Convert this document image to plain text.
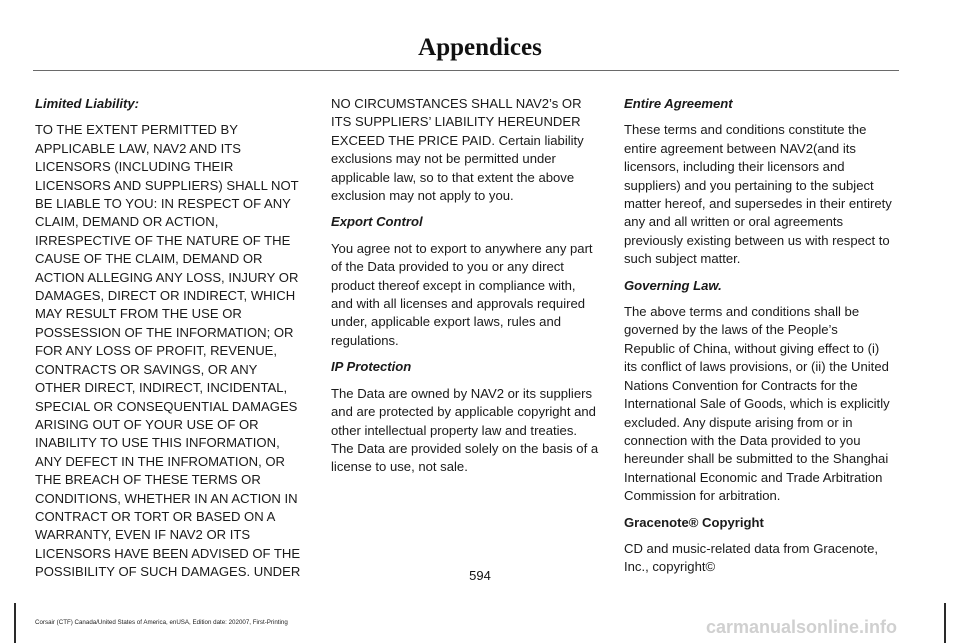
Appendices
Limited Liability:
TO THE EXTENT PERMITTED BY APPLICABLE LAW, NAV2 AND ITS LICENSORS (INCLUDING THEIR LICENSORS AND SUPPLIERS) SHALL NOT BE LIABLE TO YOU: IN RESPECT OF ANY CLAIM, DEMAND OR ACTION, IRRESPECTIVE OF THE NATURE OF THE CAUSE OF THE CLAIM, DEMAND OR ACTION ALLEGING ANY LOSS, INJURY OR DAMAGES, DIRECT OR INDIRECT, WHICH MAY RESULT FROM THE USE OR POSSESSION OF THE INFORMATION; OR FOR ANY LOSS OF PROFIT, REVENUE, CONTRACTS OR SAVINGS, OR ANY OTHER DIRECT, INDIRECT, INCIDENTAL, SPECIAL OR CONSEQUENTIAL DAMAGES ARISING OUT OF YOUR USE OF OR INABILITY TO USE THIS INFORMATION, ANY DEFECT IN THE INFROMATION, OR THE BREACH OF THESE TERMS OR CONDITIONS, WHETHER IN AN ACTION IN CONTRACT OR TORT OR BASED ON A WARRANTY, EVEN IF NAV2 OR ITS LICENSORS HAVE BEEN ADVISED OF THE POSSIBILITY OF SUCH DAMAGES. UNDER
NO CIRCUMSTANCES SHALL NAV2’s OR ITS SUPPLIERS’ LIABILITY HEREUNDER EXCEED THE PRICE PAID. Certain liability exclusions may not be permitted under applicable law, so to that extent the above exclusion may not apply to you.
Export Control
You agree not to export to anywhere any part of the Data provided to you or any direct product thereof except in compliance with, and with all licenses and approvals required under, applicable export laws, rules and regulations.
IP Protection
The Data are owned by NAV2 or its suppliers and are protected by applicable copyright and other intellectual property law and treaties. The Data are provided solely on the basis of a license to use, not sale.
Entire Agreement
These terms and conditions constitute the entire agreement between NAV2(and its licensors, including their licensors and suppliers) and you pertaining to the subject matter hereof, and supersedes in their entirety any and all written or oral agreements previously existing between us with respect to such subject matter.
Governing Law.
The above terms and conditions shall be governed by the laws of the People’s Republic of China, without giving effect to (i) its conflict of laws provisions, or (ii) the United Nations Convention for Contracts for the International Sale of Goods, which is explicitly excluded. Any dispute arising from or in connection with the Data provided to you hereunder shall be submitted to the Shanghai International Economic and Trade Arbitration Commission for arbitration.
Gracenote® Copyright
CD and music-related data from Gracenote, Inc., copyright©
594
Corsair (CTF) Canada/United States of America, enUSA, Edition date: 202007, First-Printing	carmanualsonline.info
